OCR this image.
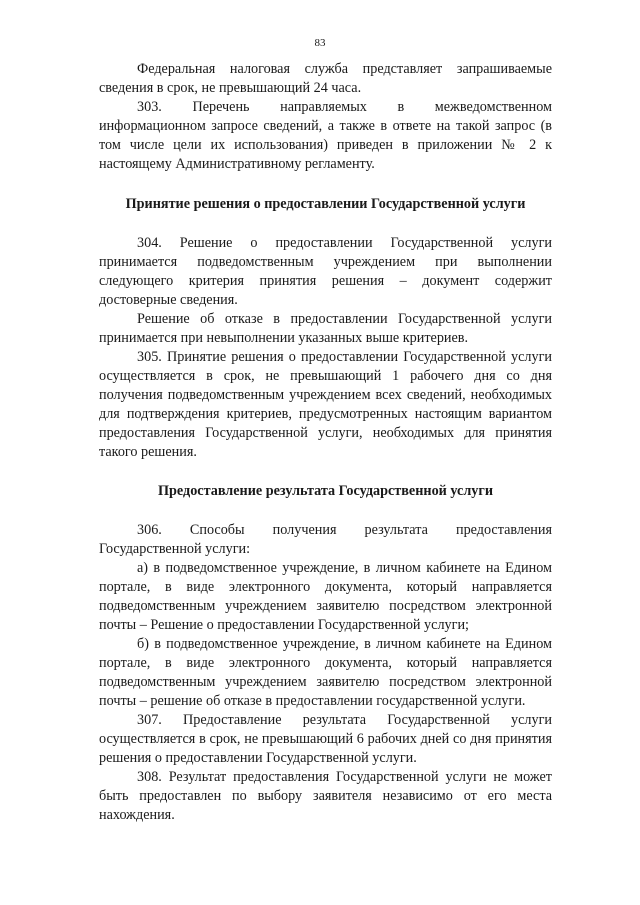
83

Федеральная налоговая служба представляет запрашиваемые сведения в срок, не превышающий 24 часа.

303. Перечень направляемых в межведомственном информационном запросе сведений, а также в ответе на такой запрос (в том числе цели их использования) приведен в приложении № 2 к настоящему Административному регламенту.

Принятие решения о предоставлении Государственной услуги

304. Решение о предоставлении Государственной услуги принимается подведомственным учреждением при выполнении следующего критерия принятия решения – документ содержит достоверные сведения.

Решение об отказе в предоставлении Государственной услуги принимается при невыполнении указанных выше критериев.

305. Принятие решения о предоставлении Государственной услуги осуществляется в срок, не превышающий 1 рабочего дня со дня получения подведомственным учреждением всех сведений, необходимых для подтверждения критериев, предусмотренных настоящим вариантом предоставления Государственной услуги, необходимых для принятия такого решения.

Предоставление результата Государственной услуги

306. Способы получения результата предоставления Государственной услуги:

а) в подведомственное учреждение, в личном кабинете на Едином портале, в виде электронного документа, который направляется подведомственным учреждением заявителю посредством электронной почты – Решение о предоставлении Государственной услуги;

б) в подведомственное учреждение, в личном кабинете на Едином портале, в виде электронного документа, который направляется подведомственным учреждением заявителю посредством электронной почты – решение об отказе в предоставлении государственной услуги.

307. Предоставление результата Государственной услуги осуществляется в срок, не превышающий 6 рабочих дней со дня принятия решения о предоставлении Государственной услуги.

308. Результат предоставления Государственной услуги не может быть предоставлен по выбору заявителя независимо от его места нахождения.
